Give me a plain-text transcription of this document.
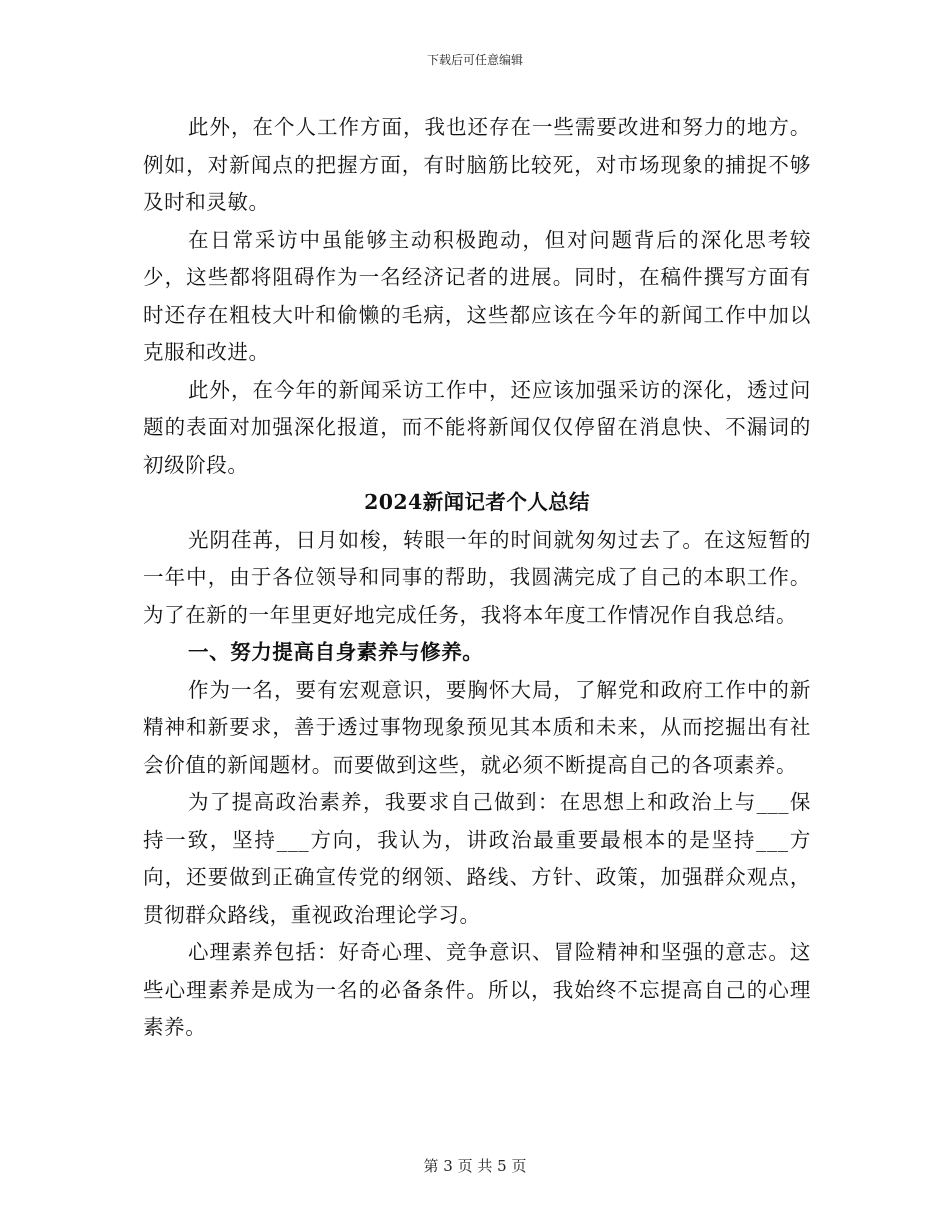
下载后可任意编辑

此外，在个人工作方面，我也还存在一些需要改进和努力的地方。例如，对新闻点的把握方面，有时脑筋比较死，对市场现象的捕捉不够及时和灵敏。

在日常采访中虽能够主动积极跑动，但对问题背后的深化思考较少，这些都将阻碍作为一名经济记者的进展。同时，在稿件撰写方面有时还存在粗枝大叶和偷懒的毛病，这些都应该在今年的新闻工作中加以克服和改进。

此外，在今年的新闻采访工作中，还应该加强采访的深化，透过问题的表面对加强深化报道，而不能将新闻仅仅停留在消息快、不漏词的初级阶段。

2024新闻记者个人总结

光阴荏苒，日月如梭，转眼一年的时间就匆匆过去了。在这短暂的一年中，由于各位领导和同事的帮助，我圆满完成了自己的本职工作。为了在新的一年里更好地完成任务，我将本年度工作情况作自我总结。

一、努力提高自身素养与修养。

作为一名，要有宏观意识，要胸怀大局，了解党和政府工作中的新精神和新要求，善于透过事物现象预见其本质和未来，从而挖掘出有社会价值的新闻题材。而要做到这些，就必须不断提高自己的各项素养。

为了提高政治素养，我要求自己做到：在思想上和政治上与___保持一致，坚持___方向，我认为，讲政治最重要最根本的是坚持___方向，还要做到正确宣传党的纲领、路线、方针、政策，加强群众观点，贯彻群众路线，重视政治理论学习。

心理素养包括：好奇心理、竞争意识、冒险精神和坚强的意志。这些心理素养是成为一名的必备条件。所以，我始终不忘提高自己的心理素养。

第 3 页 共 5 页
